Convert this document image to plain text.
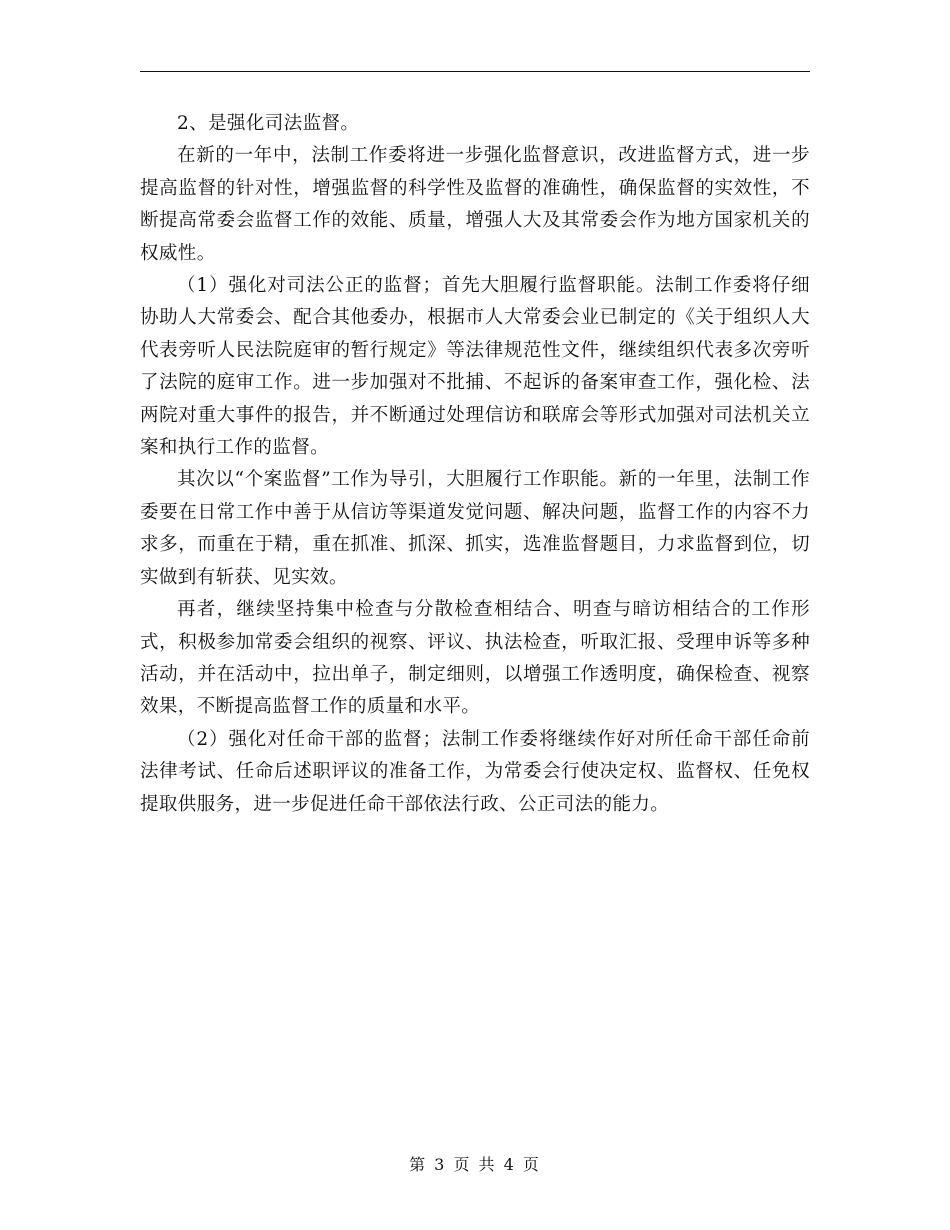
2、是强化司法监督。

在新的一年中，法制工作委将进一步强化监督意识，改进监督方式，进一步提高监督的针对性，增强监督的科学性及监督的准确性，确保监督的实效性，不断提高常委会监督工作的效能、质量，增强人大及其常委会作为地方国家机关的权威性。

（1）强化对司法公正的监督；首先大胆履行监督职能。法制工作委将仔细协助人大常委会、配合其他委办，根据市人大常委会业已制定的《关于组织人大代表旁听人民法院庭审的暂行规定》等法律规范性文件，继续组织代表多次旁听了法院的庭审工作。进一步加强对不批捕、不起诉的备案审查工作，强化检、法两院对重大事件的报告，并不断通过处理信访和联席会等形式加强对司法机关立案和执行工作的监督。

其次以“个案监督”工作为导引，大胆履行工作职能。新的一年里，法制工作委要在日常工作中善于从信访等渠道发觉问题、解决问题，监督工作的内容不力求多，而重在于精，重在抓准、抓深、抓实，选准监督题目，力求监督到位，切实做到有斩获、见实效。

再者，继续坚持集中检查与分散检查相结合、明查与暗访相结合的工作形式，积极参加常委会组织的视察、评议、执法检查，听取汇报、受理申诉等多种活动，并在活动中，拉出单子，制定细则，以增强工作透明度，确保检查、视察效果，不断提高监督工作的质量和水平。

（2）强化对任命干部的监督；法制工作委将继续作好对所任命干部任命前法律考试、任命后述职评议的准备工作，为常委会行使决定权、监督权、任免权提取供服务，进一步促进任命干部依法行政、公正司法的能力。

第 3 页 共 4 页
